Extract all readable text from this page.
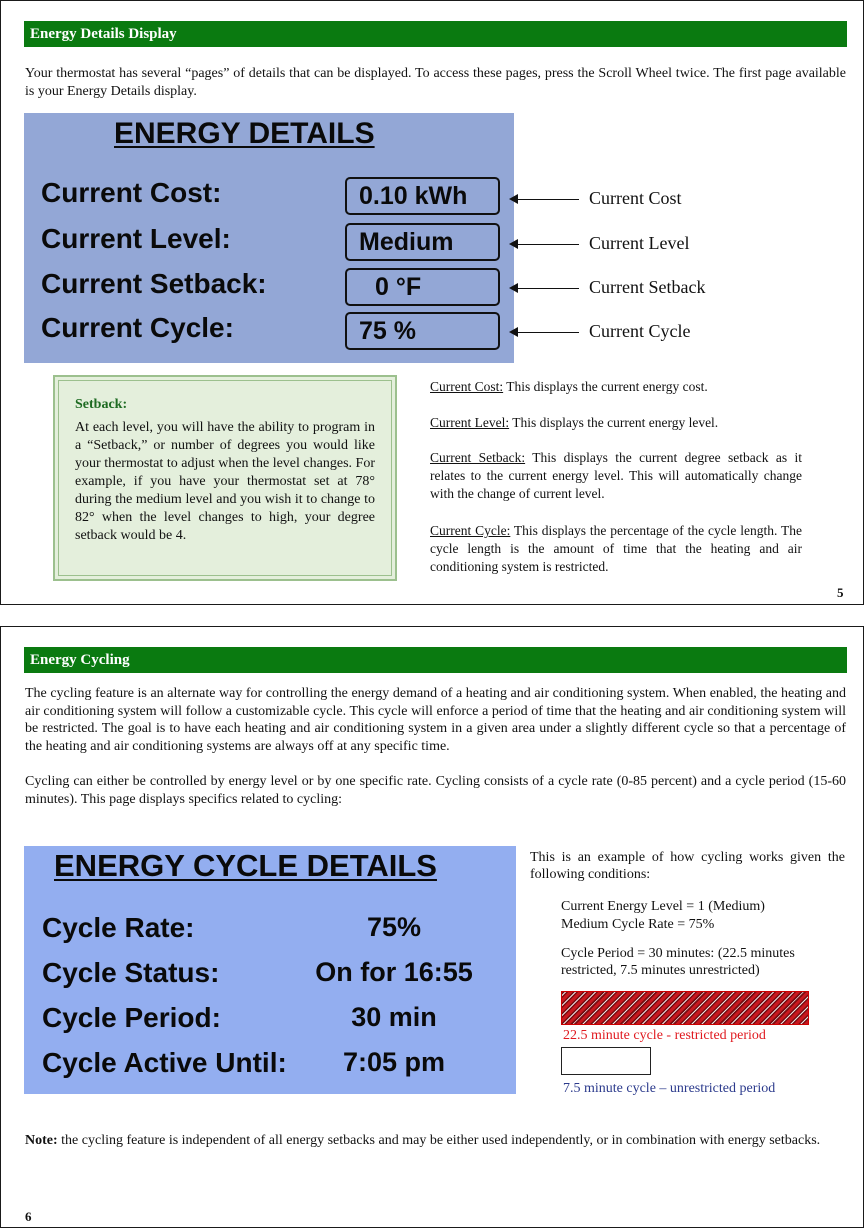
Energy Details Display
Your thermostat has several “pages” of details that can be displayed. To access these pages, press the Scroll Wheel twice. The first page available is your Energy Details display.
ENERGY DETAILS
Current Cost:	0.10 kWh
Current Level:	Medium
Current Setback:	0 °F
Current Cycle:	75 %
Current Cost
Current Level
Current Setback
Current Cycle
Setback:
At each level, you will have the ability to program in a “Setback,” or number of degrees you would like your thermostat to adjust when the level changes. For example, if you have your thermostat set at 78° during the medium level and you wish it to change to 82° when the level changes to high, your degree setback would be 4.
Current Cost: This displays the current energy cost.
Current Level: This displays the current energy level.
Current Setback: This displays the current degree setback as it relates to the current energy level. This will automatically change with the change of current level.
Current Cycle: This displays the percentage of the cycle length. The cycle length is the amount of time that the heating and air conditioning system is restricted.
5
Energy Cycling
The cycling feature is an alternate way for controlling the energy demand of a heating and air conditioning system. When enabled, the heating and air conditioning system will follow a customizable cycle. This cycle will enforce a period of time that the heating and air conditioning system will be restricted. The goal is to have each heating and air conditioning system in a given area under a slightly different cycle so that a percentage of the heating and air conditioning systems are always off at any specific time.
Cycling can either be controlled by energy level or by one specific rate. Cycling consists of a cycle rate (0-85 percent) and a cycle period (15-60 minutes). This page displays specifics related to cycling:
ENERGY CYCLE DETAILS
Cycle Rate:	75%
Cycle Status:	On for 16:55
Cycle Period:	30 min
Cycle Active Until:	7:05 pm
This is an example of how cycling works given the following conditions:
Current Energy Level = 1 (Medium)
Medium Cycle Rate = 75%
Cycle Period = 30 minutes: (22.5 minutes restricted, 7.5 minutes unrestricted)
22.5 minute cycle - restricted period
7.5 minute cycle – unrestricted period
Note: the cycling feature is independent of all energy setbacks and may be either used independently, or in combination with energy setbacks.
6
